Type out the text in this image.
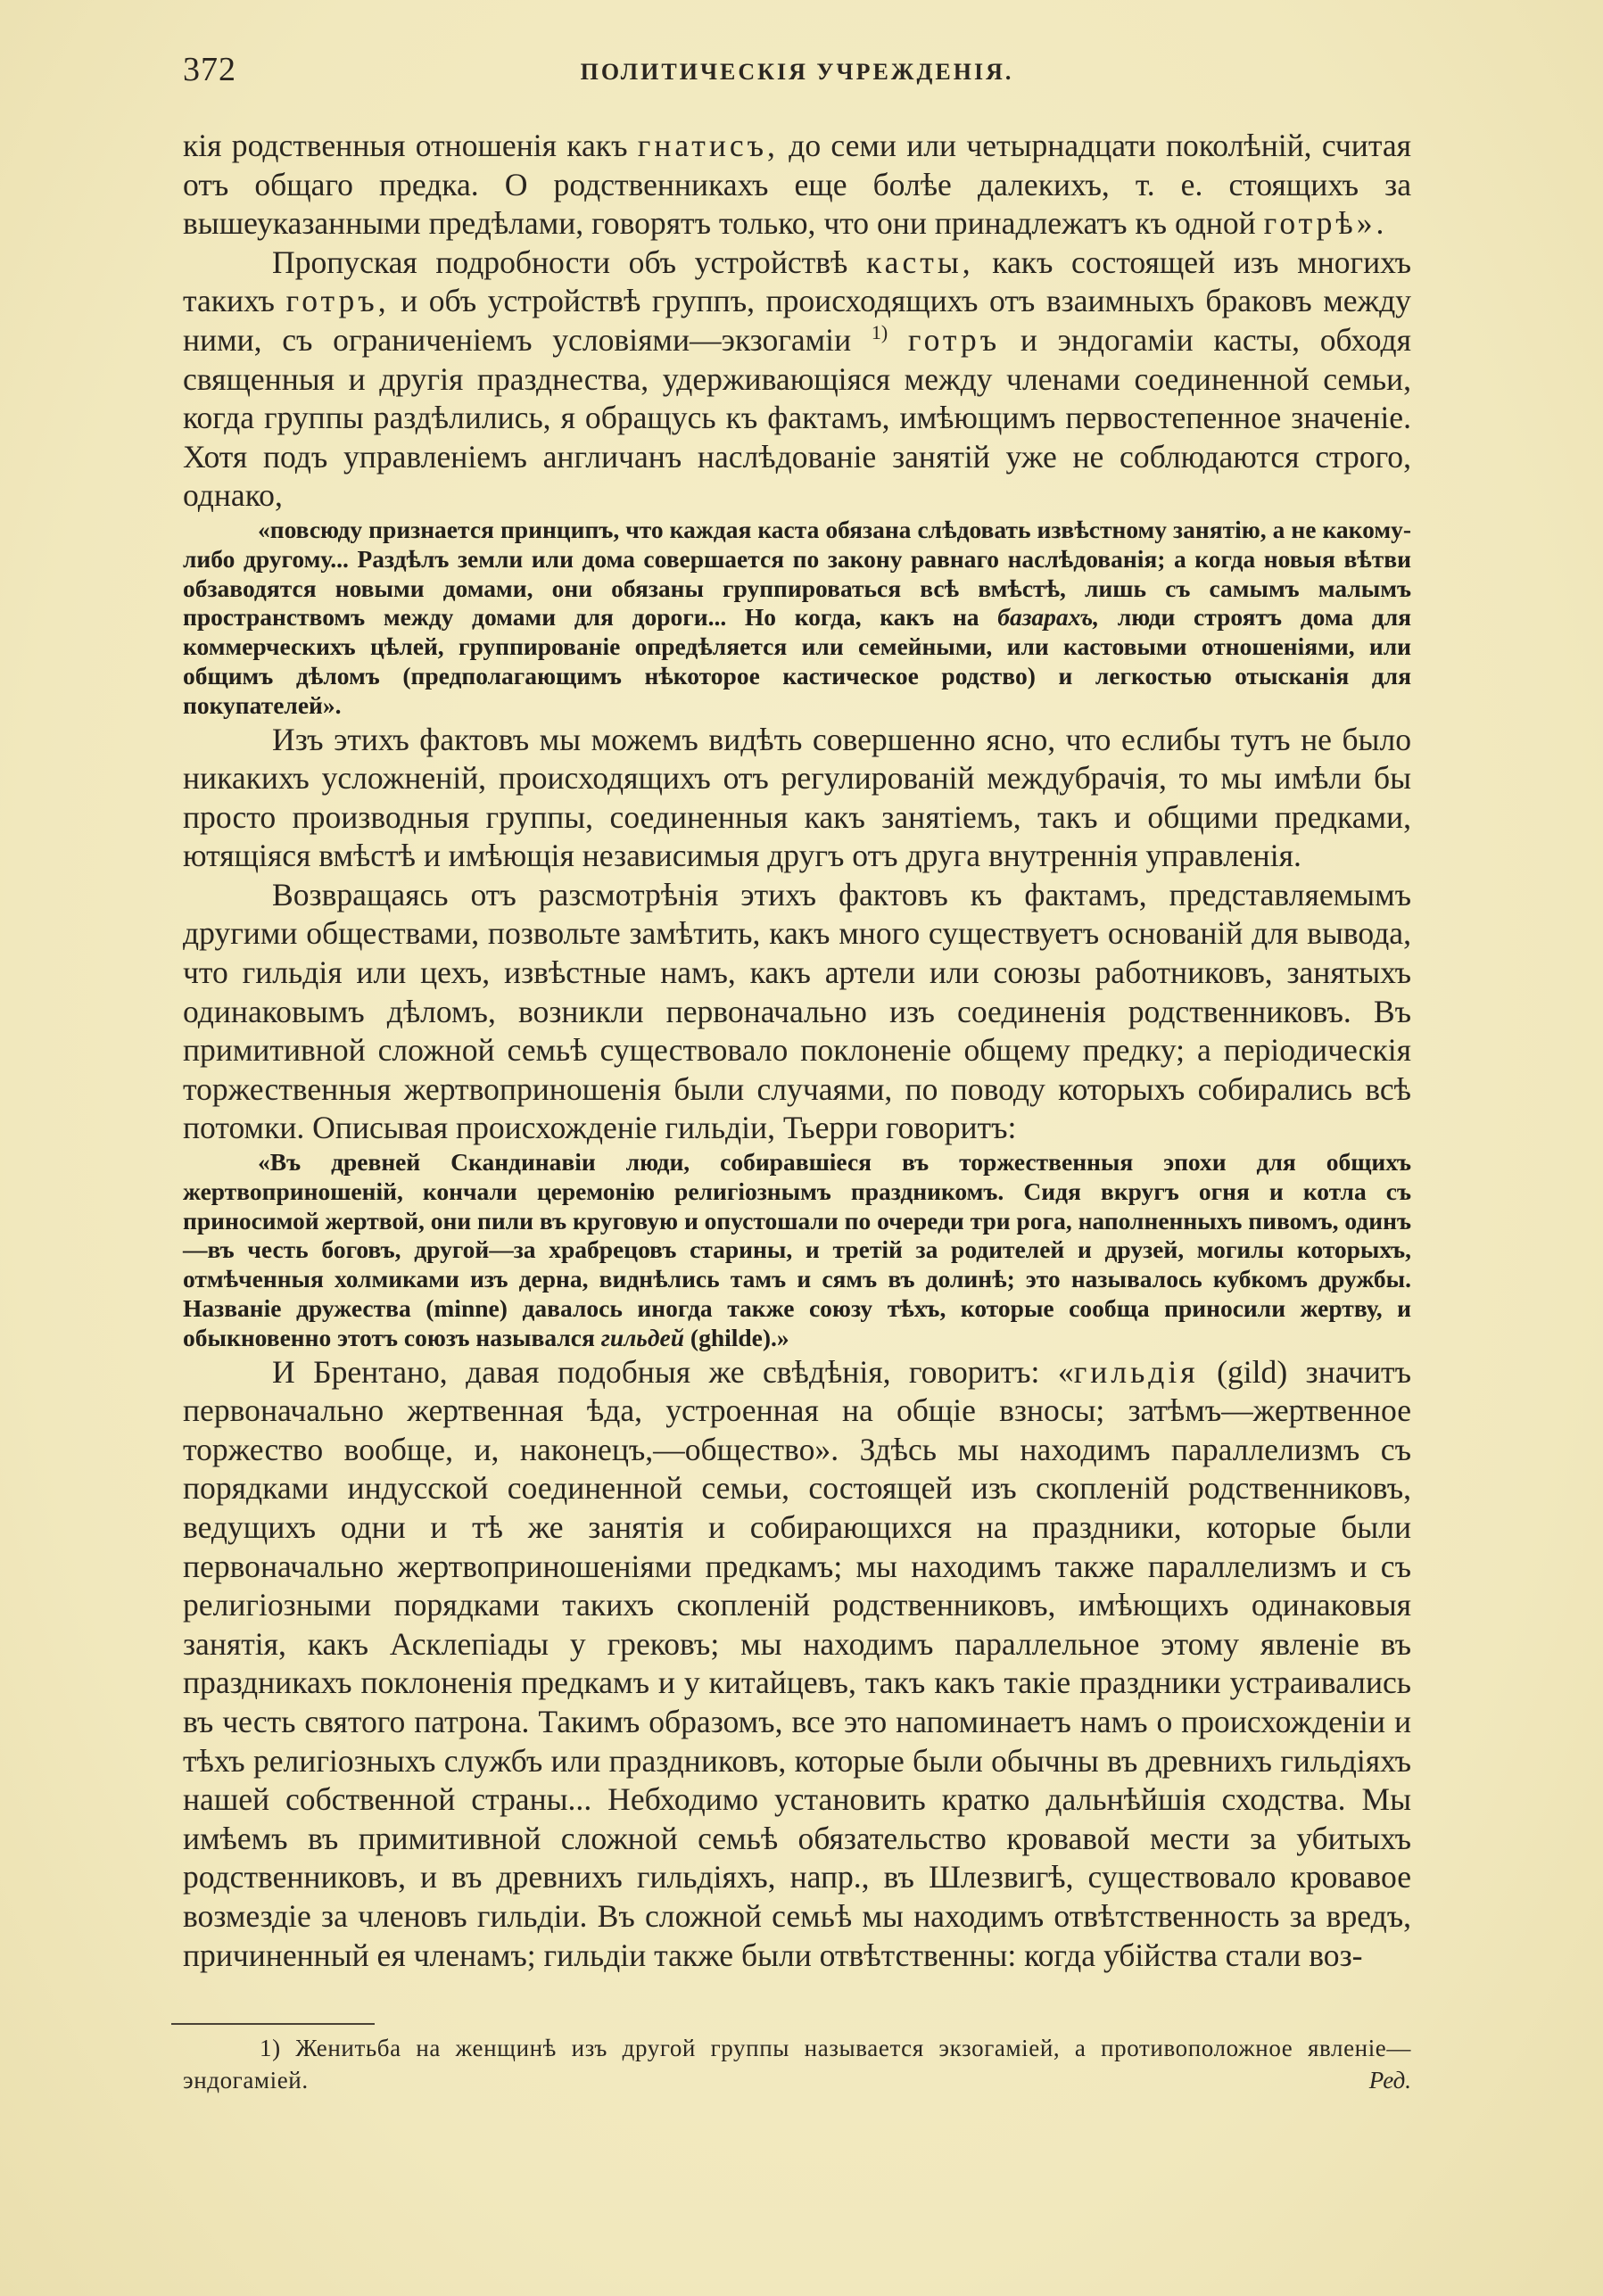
372	ПОЛИТИЧЕСКІЯ УЧРЕЖДЕНІЯ.

кія родственныя отношенія какъ гнатисъ, до семи или четырнадцати поколѣній, считая отъ общаго предка. О родственникахъ еще болѣе далекихъ, т. е. стоящихъ за вышеуказанными предѣлами, говорятъ только, что они принадлежатъ къ одной готрѣ».

Пропуская подробности объ устройствѣ касты, какъ состоящей изъ многихъ такихъ готръ, и объ устройствѣ группъ, происходящихъ отъ взаимныхъ браковъ между ними, съ ограниченіемъ условіями—экзогаміи $^{1)}$ готръ и эндогаміи касты, обходя священныя и другія празднества, удерживающіяся между членами соединенной семьи, когда группы раздѣлились, я обращусь къ фактамъ, имѣющимъ первостепенное значеніе. Хотя подъ управленіемъ англичанъ наслѣдованіе занятій уже не соблюдаются строго, однако,

«повсюду признается принципъ, что каждая каста обязана слѣдовать извѣстному занятію, а не какому-либо другому... Раздѣлъ земли или дома совершается по закону равнаго наслѣдованія; а когда новыя вѣтви обзаводятся новыми домами, они обязаны группироваться всѣ вмѣстѣ, лишь съ самымъ малымъ пространствомъ между домами для дороги... Но когда, какъ на базарахъ, люди строятъ дома для коммерческихъ цѣлей, группированіе опредѣляется или семейными, или кастовыми отношеніями, или общимъ дѣломъ (предполагающимъ нѣкоторое кастическое родство) и легкостью отысканія для покупателей».

Изъ этихъ фактовъ мы можемъ видѣть совершенно ясно, что еслибы тутъ не было никакихъ усложненій, происходящихъ отъ регулированій междубрачія, то мы имѣли бы просто производныя группы, соединенныя какъ занятіемъ, такъ и общими предками, ютящіяся вмѣстѣ и имѣющія независимыя другъ отъ друга внутреннія управленія.

Возвращаясь отъ разсмотрѣнія этихъ фактовъ къ фактамъ, представляемымъ другими обществами, позвольте замѣтить, какъ много существуетъ основаній для вывода, что гильдія или цехъ, извѣстные намъ, какъ артели или союзы работниковъ, занятыхъ одинаковымъ дѣломъ, возникли первоначально изъ соединенія родственниковъ. Въ примитивной сложной семьѣ существовало поклоненіе общему предку; а періодическія торжественныя жертвоприношенія были случаями, по поводу которыхъ собирались всѣ потомки. Описывая происхожденіе гильдіи, Тьерри говоритъ:

«Въ древней Скандинавіи люди, собиравшіеся въ торжественныя эпохи для общихъ жертвоприношеній, кончали церемонію религіознымъ праздникомъ. Сидя вкругъ огня и котла съ приносимой жертвой, они пили въ круговую и опустошали по очереди три рога, наполненныхъ пивомъ, одинъ—въ честь боговъ, другой—за храбрецовъ старины, и третій за родителей и друзей, могилы которыхъ, отмѣченныя холмиками изъ дерна, виднѣлись тамъ и сямъ въ долинѣ; это называлось кубкомъ дружбы. Названіе дружества (minne) давалось иногда также союзу тѣхъ, которые сообща приносили жертву, и обыкновенно этотъ союзъ назывался гильдей (ghilde).»

И Брентано, давая подобныя же свѣдѣнія, говоритъ: «гильдія (gild) значитъ первоначально жертвенная ѣда, устроенная на общіе взносы; затѣмъ—жертвенное торжество вообще, и, наконецъ,—общество». Здѣсь мы находимъ параллелизмъ съ порядками индусской соединенной семьи, состоящей изъ скопленій родственниковъ, ведущихъ одни и тѣ же занятія и собирающихся на праздники, которые были первоначально жертвоприношеніями предкамъ; мы находимъ также параллелизмъ и съ религіозными порядками такихъ скопленій родственниковъ, имѣющихъ одинаковыя занятія, какъ Асклепіады у грековъ; мы находимъ параллельное этому явленіе въ праздникахъ поклоненія предкамъ и у китайцевъ, такъ какъ такіе праздники устраивались въ честь святого патрона. Такимъ образомъ, все это напоминаетъ намъ о происхожденіи и тѣхъ религіозныхъ службъ или праздниковъ, которые были обычны въ древнихъ гильдіяхъ нашей собственной страны... Небходимо установить кратко дальнѣйшія сходства. Мы имѣемъ въ примитивной сложной семьѣ обязательство кровавой мести за убитыхъ родственниковъ, и въ древнихъ гильдіяхъ, напр., въ Шлезвигѣ, существовало кровавое возмездіе за членовъ гильдіи. Въ сложной семьѣ мы находимъ отвѣтственность за вредъ, причиненный ея членамъ; гильдіи также были отвѣтственны: когда убійства стали воз-

1) Женитьба на женщинѣ изъ другой группы называется экзогаміей, а противоположное явленіе—эндогаміей.	Ред.
